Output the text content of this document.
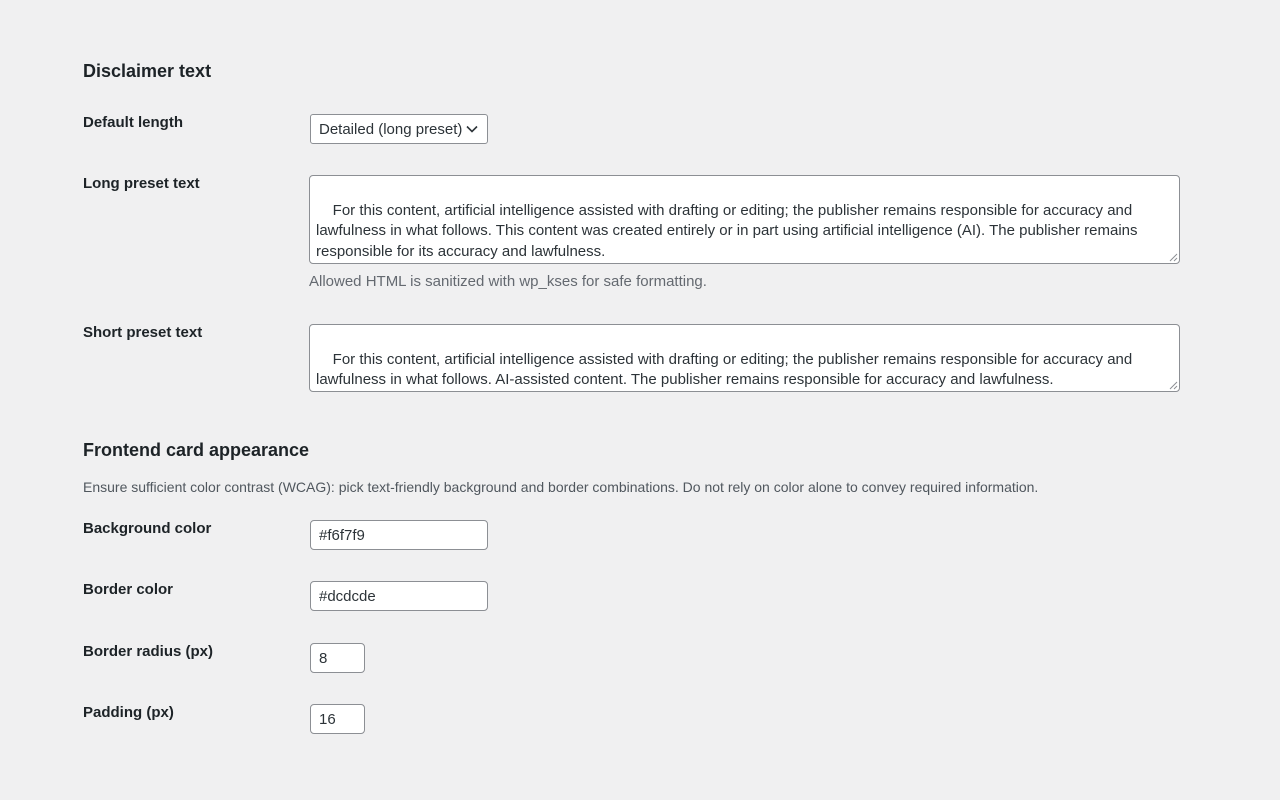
Disclaimer text
Default length	Detailed (long preset)
Long preset text

For this content, artificial intelligence assisted with drafting or editing; the publisher remains responsible for accuracy and lawfulness in what follows. This content was created entirely or in part using artificial intelligence (AI). The publisher remains responsible for its accuracy and lawfulness.

Allowed HTML is sanitized with wp_kses for safe formatting.
Short preset text

For this content, artificial intelligence assisted with drafting or editing; the publisher remains responsible for accuracy and lawfulness in what follows. AI-assisted content. The publisher remains responsible for accuracy and lawfulness.

Frontend card appearance
Ensure sufficient color contrast (WCAG): pick text-friendly background and border combinations. Do not rely on color alone to convey required information.
Background color	#f6f7f9
Border color	#dcdcde
Border radius (px)	8
Padding (px)	16
